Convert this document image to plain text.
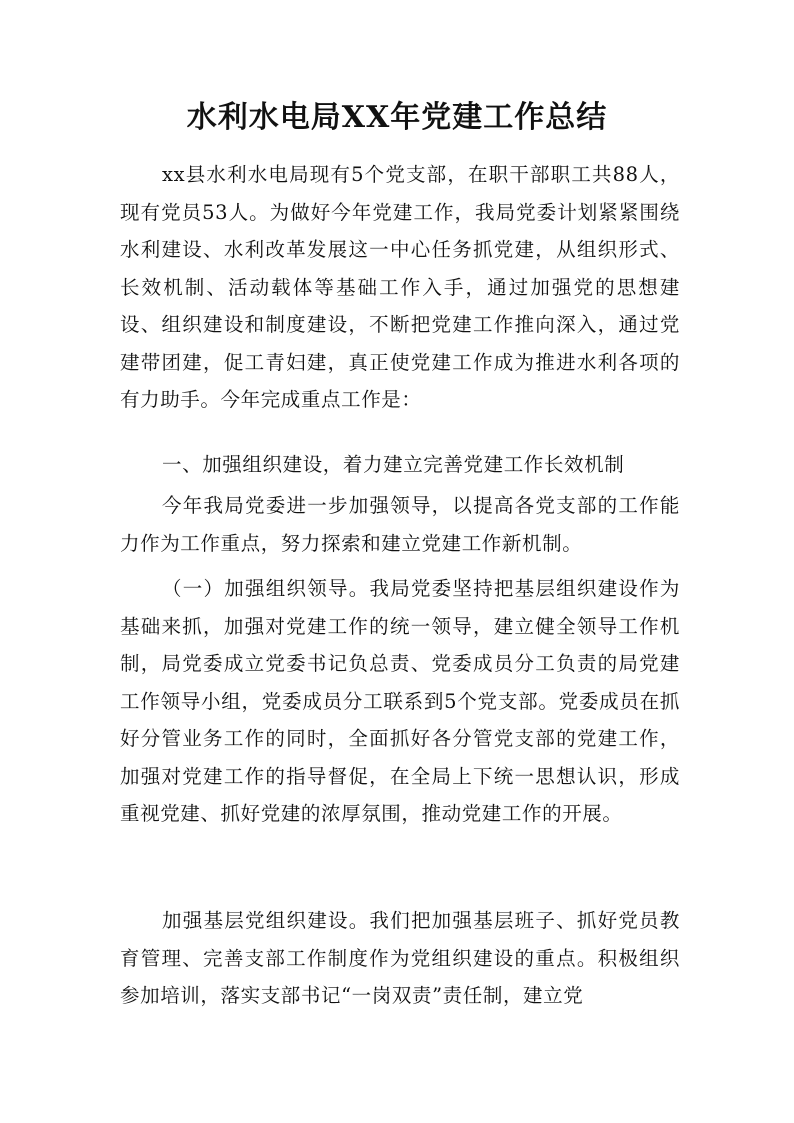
水利水电局XX年党建工作总结

xx县水利水电局现有5个党支部，在职干部职工共88人，现有党员53人。为做好今年党建工作，我局党委计划紧紧围绕水利建设、水利改革发展这一中心任务抓党建，从组织形式、长效机制、活动载体等基础工作入手，通过加强党的思想建设、组织建设和制度建设，不断把党建工作推向深入，通过党建带团建，促工青妇建，真正使党建工作成为推进水利各项的有力助手。今年完成重点工作是：

一、加强组织建设，着力建立完善党建工作长效机制

今年我局党委进一步加强领导，以提高各党支部的工作能力作为工作重点，努力探索和建立党建工作新机制。

（一）加强组织领导。我局党委坚持把基层组织建设作为基础来抓，加强对党建工作的统一领导，建立健全领导工作机制，局党委成立党委书记负总责、党委成员分工负责的局党建工作领导小组，党委成员分工联系到5个党支部。党委成员在抓好分管业务工作的同时，全面抓好各分管党支部的党建工作，加强对党建工作的指导督促，在全局上下统一思想认识，形成重视党建、抓好党建的浓厚氛围，推动党建工作的开展。

加强基层党组织建设。我们把加强基层班子、抓好党员教育管理、完善支部工作制度作为党组织建设的重点。积极组织参加培训，落实支部书记“一岗双责”责任制，建立党
